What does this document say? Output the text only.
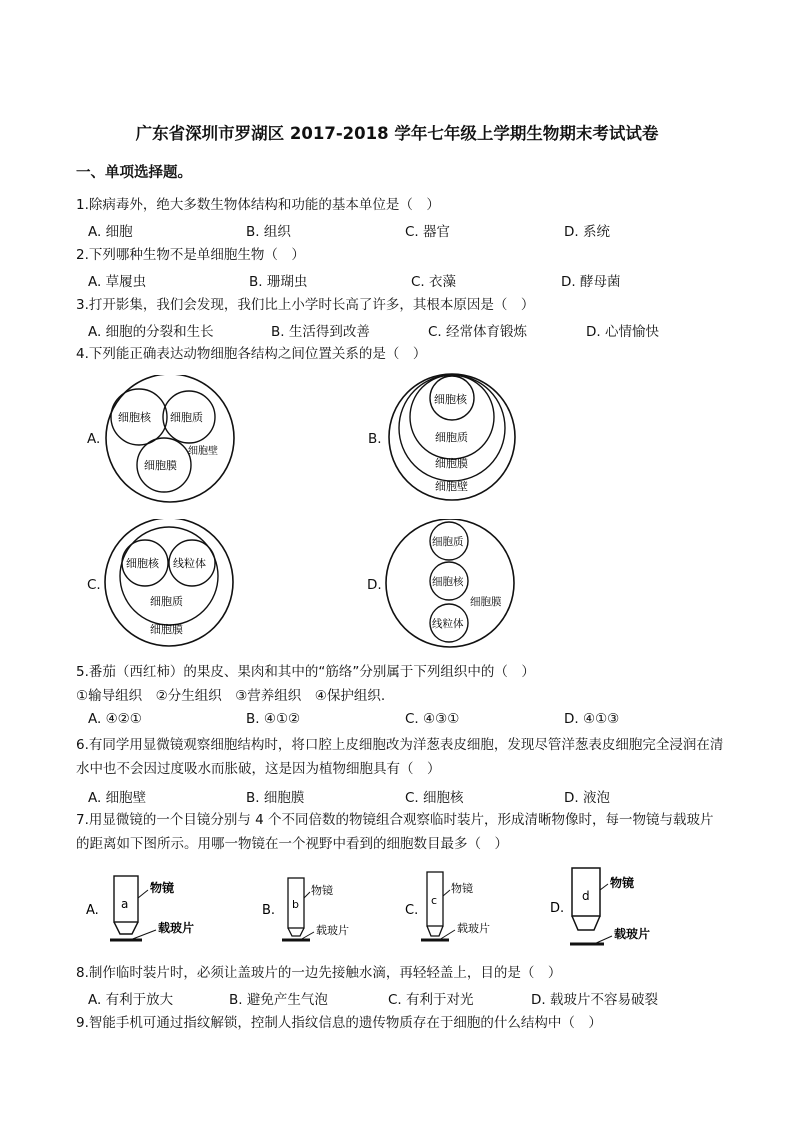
广东省深圳市罗湖区 2017-2018 学年七年级上学期生物期末考试试卷
一、单项选择题。
1.除病毒外，绝大多数生物体结构和功能的基本单位是（　）
A. 细胞	B. 组织	C. 器官	D. 系统
2.下列哪种生物不是单细胞生物（　）
A. 草履虫	B. 珊瑚虫	C. 衣藻	D. 酵母菌
3.打开影集，我们会发现，我们比上小学时长高了许多，其根本原因是（　）
A. 细胞的分裂和生长	B. 生活得到改善	C. 经常体育锻炼	D. 心情愉快
4.下列能正确表达动物细胞各结构之间位置关系的是（　）
A.
细胞核 细胞质
细胞膜
细胞壁
B.
细胞核
细胞质
细胞膜
细胞壁
C.
细胞核 线粒体
细胞质
细胞膜
D.
细胞质
细胞核
线粒体
细胞膜
5.番茄（西红柿）的果皮、果肉和其中的“筋络”分别属于下列组织中的（　）
①输导组织　②分生组织　③营养组织　④保护组织.
A. ④②①	B. ④①②	C. ④③①	D. ④①③
6.有同学用显微镜观察细胞结构时，将口腔上皮细胞改为洋葱表皮细胞，发现尽管洋葱表皮细胞完全浸润在清水中也不会因过度吸水而胀破，这是因为植物细胞具有（　）
A. 细胞壁	B. 细胞膜	C. 细胞核	D. 液泡
7.用显微镜的一个目镜分别与 4 个不同倍数的物镜组合观察临时装片，形成清晰物像时，每一物镜与载玻片的距离如下图所示。用哪一物镜在一个视野中看到的细胞数目最多（　）
A. a
物镜
载玻片
B. b
物镜
载玻片
C.
c
物镜
载玻片
D.
d
物镜
载玻片
8.制作临时装片时，必须让盖玻片的一边先接触水滴，再轻轻盖上，目的是（　）
A. 有利于放大	B. 避免产生气泡	C. 有利于对光	D. 载玻片不容易破裂
9.智能手机可通过指纹解锁，控制人指纹信息的遗传物质存在于细胞的什么结构中（　）
